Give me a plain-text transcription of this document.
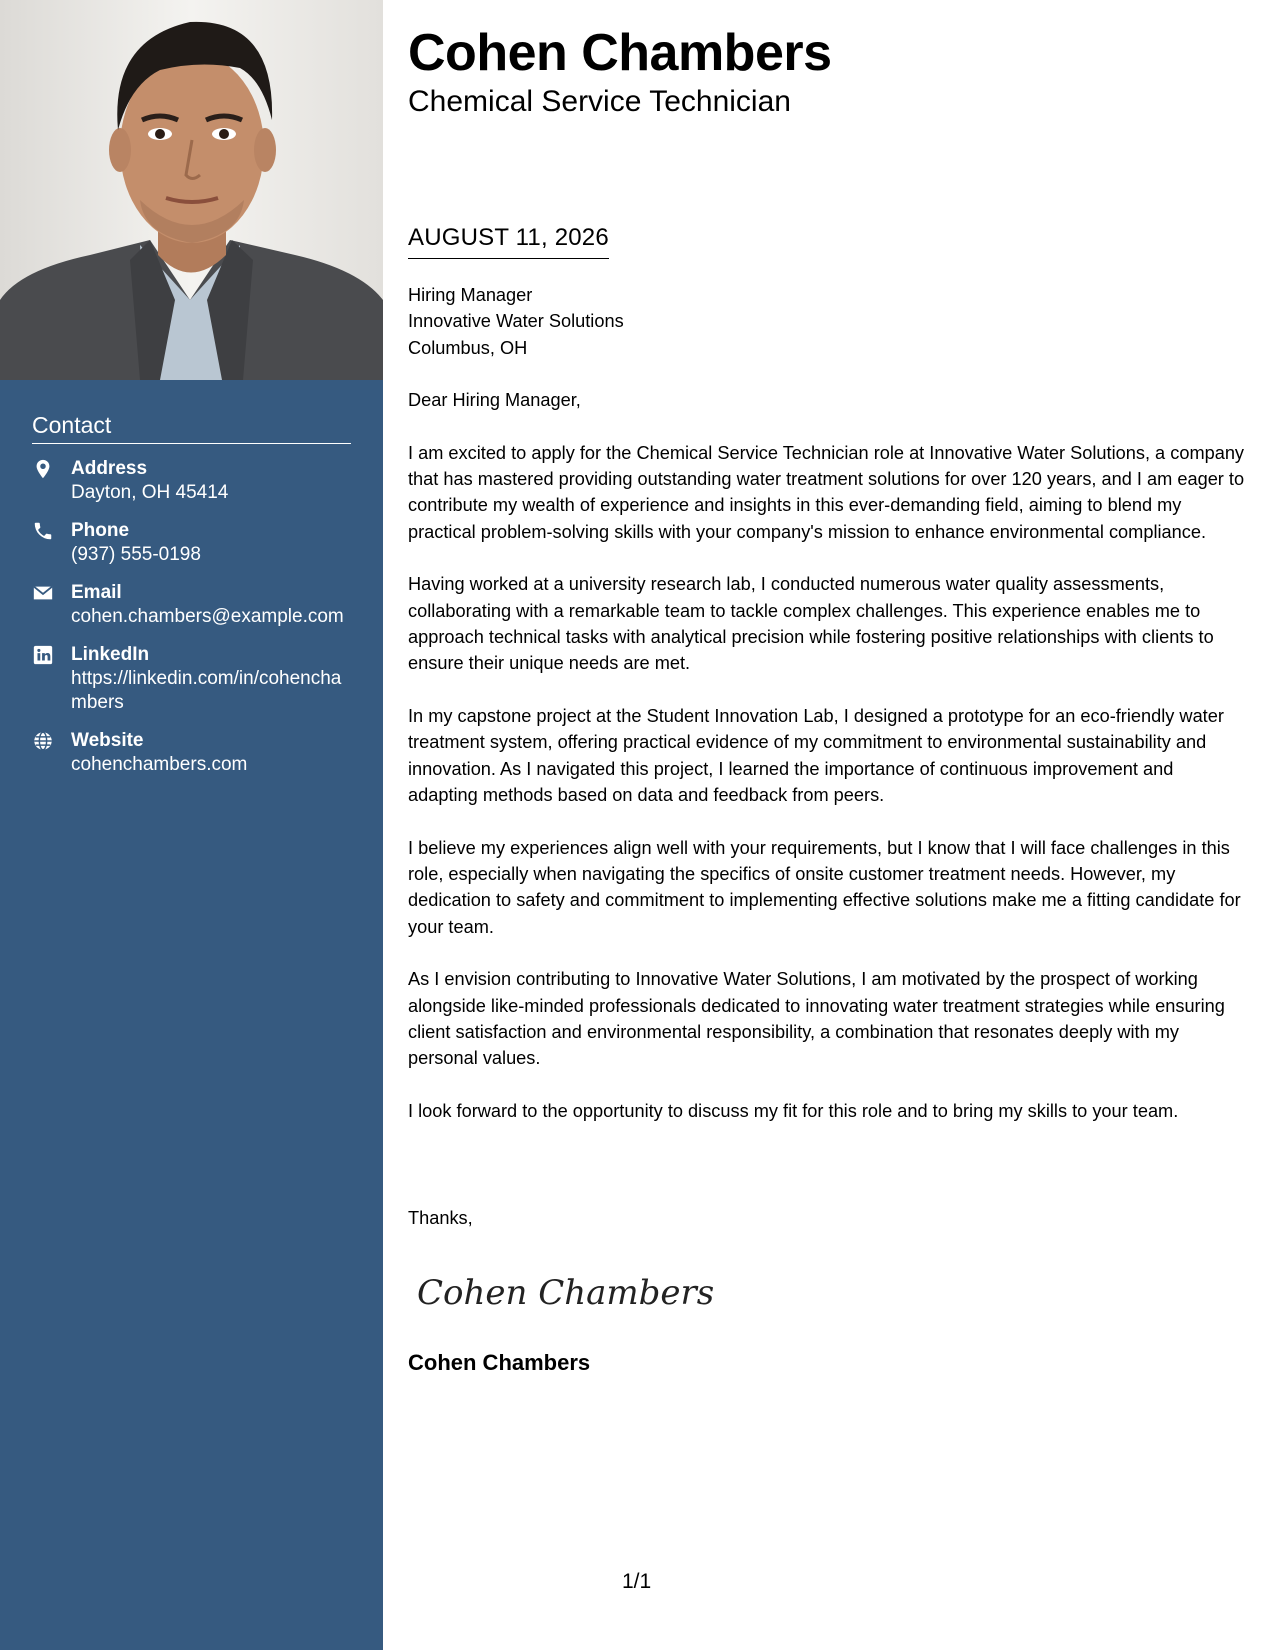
Contact
Address
Dayton, OH 45414
Phone
(937) 555-0198
Email
cohen.chambers@example.com
LinkedIn
https://linkedin.com/in/cohenchambers
Website
cohenchambers.com
Cohen Chambers
Chemical Service Technician
AUGUST 11, 2026

Hiring Manager
Innovative Water Solutions
Columbus, OH

Dear Hiring Manager,

I am excited to apply for the Chemical Service Technician role at Innovative Water Solutions, a company that has mastered providing outstanding water treatment solutions for over 120 years, and I am eager to contribute my wealth of experience and insights in this ever-demanding field, aiming to blend my practical problem-solving skills with your company's mission to enhance environmental compliance.

Having worked at a university research lab, I conducted numerous water quality assessments, collaborating with a remarkable team to tackle complex challenges. This experience enables me to approach technical tasks with analytical precision while fostering positive relationships with clients to ensure their unique needs are met.

In my capstone project at the Student Innovation Lab, I designed a prototype for an eco-friendly water treatment system, offering practical evidence of my commitment to environmental sustainability and innovation. As I navigated this project, I learned the importance of continuous improvement and adapting methods based on data and feedback from peers.

I believe my experiences align well with your requirements, but I know that I will face challenges in this role, especially when navigating the specifics of onsite customer treatment needs. However, my dedication to safety and commitment to implementing effective solutions make me a fitting candidate for your team.

As I envision contributing to Innovative Water Solutions, I am motivated by the prospect of working alongside like-minded professionals dedicated to innovating water treatment strategies while ensuring client satisfaction and environmental responsibility, a combination that resonates deeply with my personal values.

I look forward to the opportunity to discuss my fit for this role and to bring my skills to your team.

Thanks,
Cohen Chambers
Cohen Chambers
1/1
